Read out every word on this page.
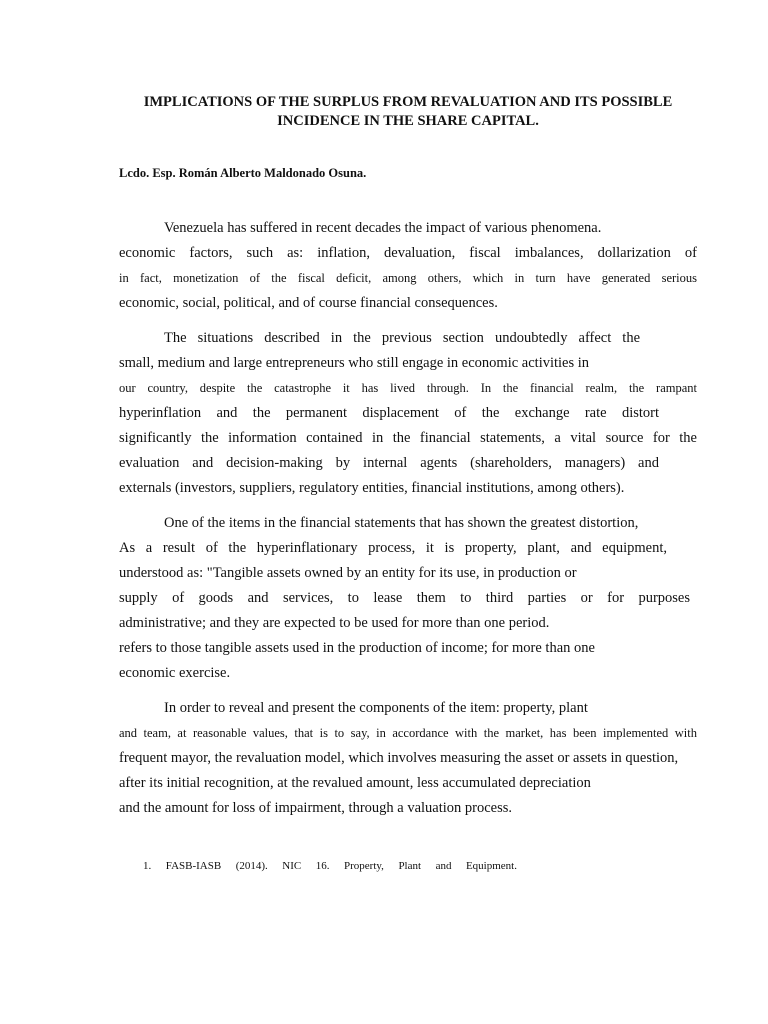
IMPLICATIONS OF THE SURPLUS FROM REVALUATION AND ITS POSSIBLE
INCIDENCE IN THE SHARE CAPITAL.

Lcdo. Esp. Román Alberto Maldonado Osuna.

Venezuela has suffered in recent decades the impact of various phenomena.
economic factors, such as: inflation, devaluation, fiscal imbalances, dollarization of
in fact, monetization of the fiscal deficit, among others, which in turn have generated serious
economic, social, political, and of course financial consequences.
The situations described in the previous section undoubtedly affect the
small, medium and large entrepreneurs who still engage in economic activities in
our country, despite the catastrophe it has lived through. In the financial realm, the rampant
hyperinflation and the permanent displacement of the exchange rate distort
significantly the information contained in the financial statements, a vital source for the
evaluation and decision-making by internal agents (shareholders, managers) and
externals (investors, suppliers, regulatory entities, financial institutions, among others).
One of the items in the financial statements that has shown the greatest distortion,
As a result of the hyperinflationary process, it is property, plant, and equipment,
understood as: "Tangible assets owned by an entity for its use, in production or
supply of goods and services, to lease them to third parties or for purposes
administrative; and they are expected to be used for more than one period.
refers to those tangible assets used in the production of income; for more than one
economic exercise.
In order to reveal and present the components of the item: property, plant
and team, at reasonable values, that is to say, in accordance with the market, has been implemented with
frequent mayor, the revaluation model, which involves measuring the asset or assets in question,
after its initial recognition, at the revalued amount, less accumulated depreciation
and the amount for loss of impairment, through a valuation process.
1. FASB-IASB (2014). NIC 16. Property, Plant and Equipment.
